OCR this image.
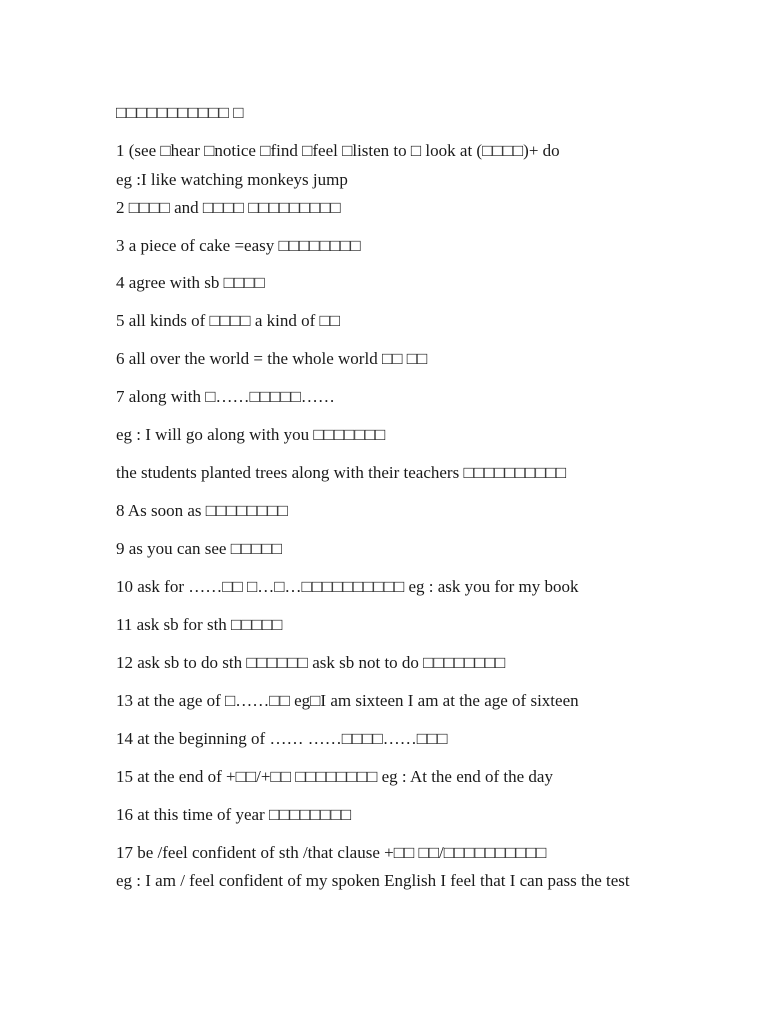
□□□□□□□□□□□ □
1 (see □hear □notice □find □feel □listen to □ look at (□□□□)+ do
eg :I like watching monkeys jump
2 □□□□ and □□□□ □□□□□□□□□
3 a piece of cake =easy □□□□□□□□
4 agree with sb □□□□
5 all kinds of □□□□ a kind of □□
6 all over the world = the whole world □□ □□
7 along with □……□□□□□……
eg : I will go along with you □□□□□□□
the students planted trees along with their teachers □□□□□□□□□□
8 As soon as □□□□□□□□
9 as you can see □□□□□
10 ask for ……□□ □…□…□□□□□□□□□□ eg : ask you for my book
11 ask sb for sth □□□□□
12 ask sb to do sth □□□□□□ ask sb not to do □□□□□□□□
13 at the age of □……□□ eg□I am sixteen I am at the age of sixteen
14 at the beginning of …… ……□□□□……□□□
15 at the end of +□□/+□□ □□□□□□□□ eg : At the end of the day
16 at this time of year □□□□□□□□
17 be /feel confident of sth /that clause +□□ □□/□□□□□□□□□□
eg : I am / feel confident of my spoken English I feel that I can pass the test
